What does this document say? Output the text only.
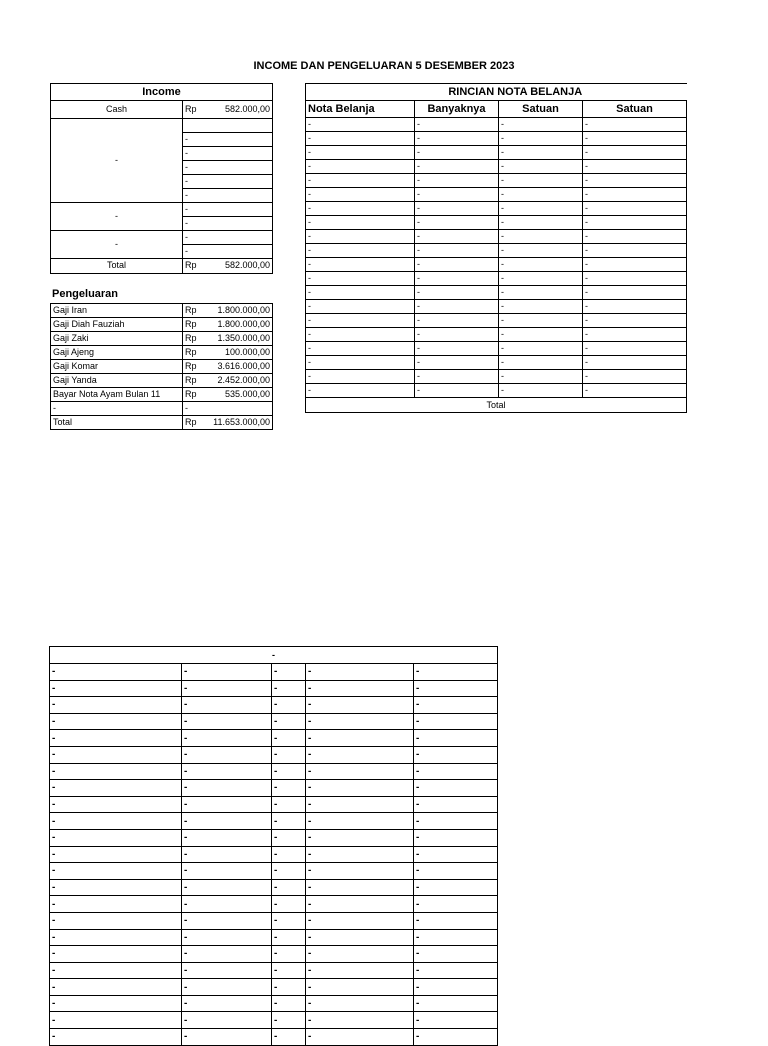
INCOME DAN PENGELUARAN 5 DESEMBER 2023
Income	
Cash	Rp 582.000,00

-	
	-
	-
	-
	-
	-
-	-
	-
-	-
	-
Total	Rp 582.000,00
Pengeluaran
Gaji Iran	Rp 1.800.000,00

Gaji Diah Fauziah	Rp 1.800.000,00

Gaji Zaki	Rp 1.350.000,00

Gaji Ajeng	Rp 100.000,00

Gaji Komar	Rp 3.616.000,00

Gaji Yanda	Rp 2.452.000,00

Bayar Nota Ayam Bulan 11	Rp 535.000,00

-	-
Total	Rp 11.653.000,00
RINCIAN NOTA BELANJA			
Nota Belanja	Banyaknya	Satuan	Satuan
-	-	-	-
-	-	-	-
-	-	-	-
-	-	-	-
-	-	-	-
-	-	-	-
-	-	-	-
-	-	-	-
-	-	-	-
-	-	-	-
-	-	-	-
-	-	-	-
-	-	-	-
-	-	-	-
-	-	-	-
-	-	-	-
-	-	-	-
-	-	-	-
-	-	-	-
-	-	-	-
Total			
-				
-	-	-	-	-
-	-	-	-	-
-	-	-	-	-
-	-	-	-	-
-	-	-	-	-
-	-	-	-	-
-	-	-	-	-
-	-	-	-	-
-	-	-	-	-
-	-	-	-	-
-	-	-	-	-
-	-	-	-	-
-	-	-	-	-
-	-	-	-	-
-	-	-	-	-
-	-	-	-	-
-	-	-	-	-
-	-	-	-	-
-	-	-	-	-
-	-	-	-	-
-	-	-	-	-
-	-	-	-	-
-	-	-	-	-
